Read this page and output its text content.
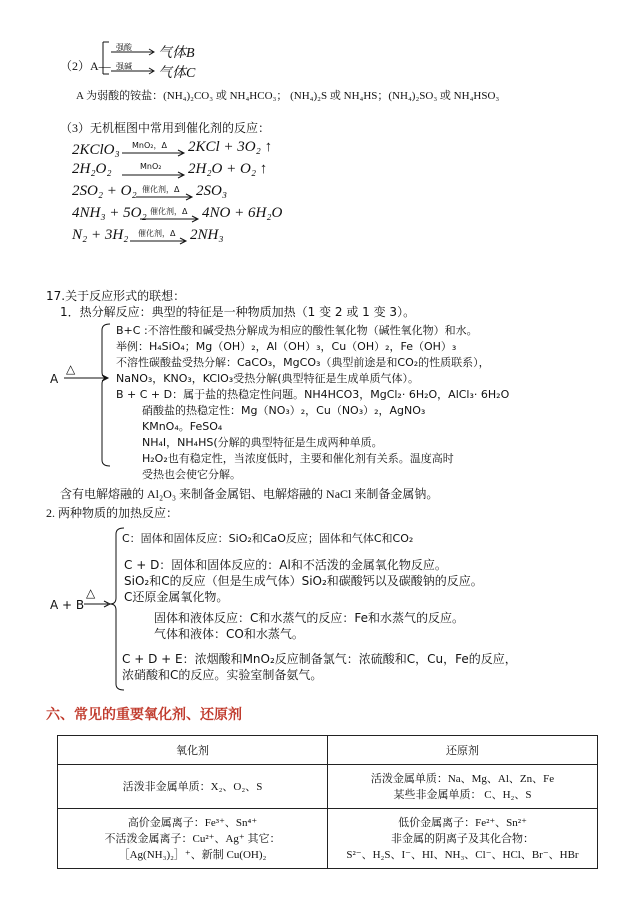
（2）A—
强酸
强碱
气体B
气体C
A 为弱酸的铵盐：(NH₄)₂CO₃ 或 NH₄HCO₃； (NH₄)₂S 或 NH₄HS；(NH₄)₂SO₃ 或 NH₄HSO₃
（3）无机框图中常用到催化剂的反应：
2KClO₃ MnO₂，Δ 2KCl + 3O₂ ↑
2H₂O₂	MnO₂ 2H₂O + O₂ ↑
2SO₂ + O₂ 催化剂，Δ 2SO₃
4NH₃ + 5O₂ 催化剂，Δ 4NO + 6H₂O
N₂ + 3H₂ →
催化剂，Δ 2NH₃
17.关于反应形式的联想：
1．热分解反应：典型的特征是一种物质加热（1 变 2 或 1 变 3）。
A
△
B+C :不溶性酸和碱受热分解成为相应的酸性氧化物（碱性氧化物）和水。
举例：H₄SiO₄；Mg（OH）₂，Al（OH）₃，Cu（OH）₂，Fe（OH）₃
不溶性碳酸盐受热分解：CaCO₃，MgCO₃（典型前途是和CO₂的性质联系），
NaNO₃，KNO₃，KClO₃受热分解(典型特征是生成单质气体）。
B + C + D：属于盐的热稳定性问题。NH4HCO3，MgCl₂· 6H₂O，AlCl₃· 6H₂O
硝酸盐的热稳定性：Mg（NO₃）₂，Cu（NO₃）₂，AgNO₃
KMnO₄。FeSO₄
NH₄I，NH₄HS(分解的典型特征是生成两种单质。
H₂O₂也有稳定性，当浓度低时，主要和催化剂有关系。温度高时
受热也会使它分解。
含有电解熔融的 Al₂O₃ 来制备金属铝、电解熔融的 NaCl 来制备金属钠。
2. 两种物质的加热反应：
A + B
△
C：固体和固体反应：SiO₂和CaO反应；固体和气体C和CO₂
C + D：固体和固体反应的：Al和不活泼的金属氧化物反应。
SiO₂和C的反应（但是生成气体）SiO₂和碳酸钙以及碳酸钠的反应。
C还原金属氧化物。
固体和液体反应：C和水蒸气的反应：Fe和水蒸气的反应。
气体和液体：CO和水蒸气。
C + D + E：浓烟酸和MnO₂反应制备氯气：浓硫酸和C，Cu，Fe的反应，
浓硝酸和C的反应。实验室制备氨气。
六、常见的重要氧化剂、还原剂
氧化剂	还原剂

活泼非金属单质：X₂、O₂、S	活泼金属单质：Na、Mg、Al、Zn、Fe
某些非金属单质： C、H₂、S

高价金属离子：Fe³⁺、Sn⁴⁺
不活泼金属离子：Cu²⁺、Ag⁺ 其它：
［Ag(NH₃)₂］⁺、新制 Cu(OH)₂	低价金属离子：Fe²⁺、Sn²⁺
非金属的阴离子及其化合物：
S²⁻、H₂S、I⁻、HI、NH₃、Cl⁻、HCl、Br⁻、HBr
